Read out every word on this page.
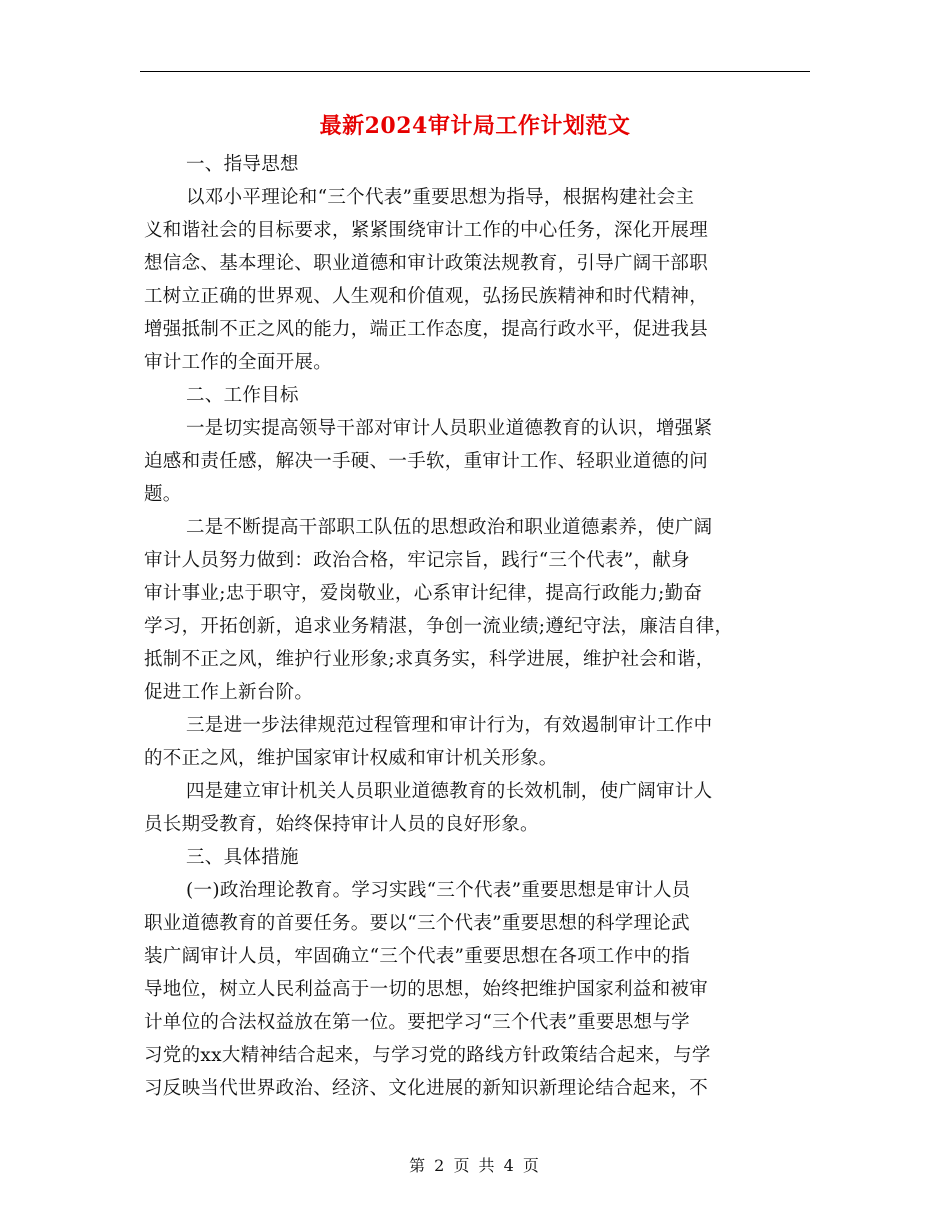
最新2024审计局工作计划范文
一、指导思想
以邓小平理论和“三个代表”重要思想为指导，根据构建社会主
义和谐社会的目标要求，紧紧围绕审计工作的中心任务，深化开展理
想信念、基本理论、职业道德和审计政策法规教育，引导广阔干部职
工树立正确的世界观、人生观和价值观，弘扬民族精神和时代精神，
增强抵制不正之风的能力，端正工作态度，提高行政水平，促进我县
审计工作的全面开展。
二、工作目标
一是切实提高领导干部对审计人员职业道德教育的认识，增强紧
迫感和责任感，解决一手硬、一手软，重审计工作、轻职业道德的问
题。
二是不断提高干部职工队伍的思想政治和职业道德素养，使广阔
审计人员努力做到：政治合格，牢记宗旨，践行“三个代表”，献身
审计事业;忠于职守，爱岗敬业，心系审计纪律，提高行政能力;勤奋
学习，开拓创新，追求业务精湛，争创一流业绩;遵纪守法，廉洁自律，
抵制不正之风，维护行业形象;求真务实，科学进展，维护社会和谐，
促进工作上新台阶。
三是进一步法律规范过程管理和审计行为，有效遏制审计工作中
的不正之风，维护国家审计权威和审计机关形象。
四是建立审计机关人员职业道德教育的长效机制，使广阔审计人
员长期受教育，始终保持审计人员的良好形象。
三、具体措施
(一)政治理论教育。学习实践“三个代表”重要思想是审计人员
职业道德教育的首要任务。要以“三个代表”重要思想的科学理论武
装广阔审计人员，牢固确立“三个代表”重要思想在各项工作中的指
导地位，树立人民利益高于一切的思想，始终把维护国家利益和被审
计单位的合法权益放在第一位。要把学习“三个代表”重要思想与学
习党的xx大精神结合起来，与学习党的路线方针政策结合起来，与学
习反映当代世界政治、经济、文化进展的新知识新理论结合起来，不
第 2 页 共 4 页
